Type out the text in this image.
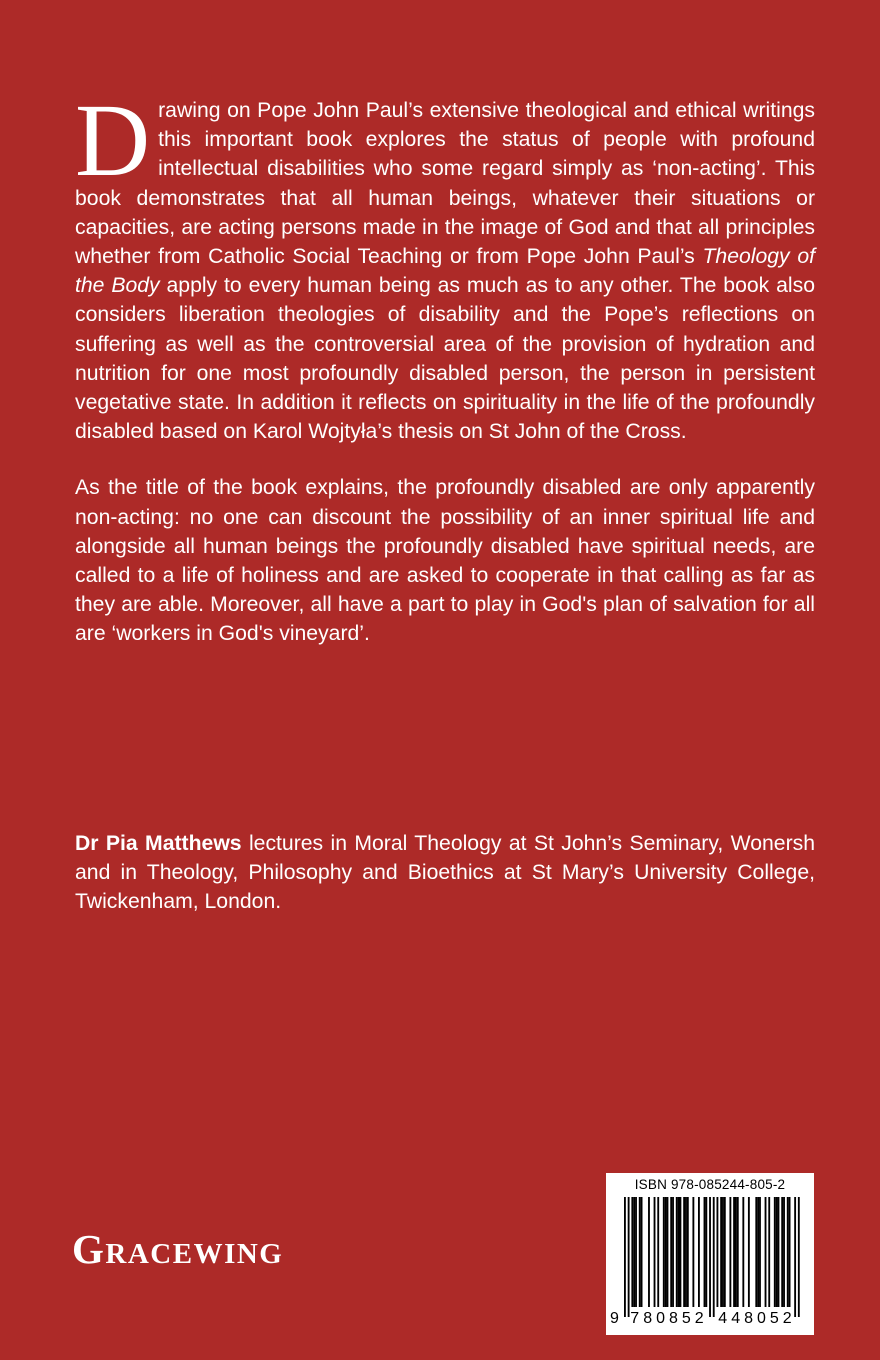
Drawing on Pope John Paul’s extensive theological and ethical writings this important book explores the status of people with profound intellectual disabilities who some regard simply as ‘non-acting’. This book demonstrates that all human beings, whatever their situations or capacities, are acting persons made in the image of God and that all principles whether from Catholic Social Teaching or from Pope John Paul’s Theology of the Body apply to every human being as much as to any other. The book also considers liberation theologies of disability and the Pope’s reflections on suffering as well as the controversial area of the provision of hydration and nutrition for one most profoundly disabled person, the person in persistent vegetative state. In addition it reflects on spirituality in the life of the profoundly disabled based on Karol Wojtyła’s thesis on St John of the Cross.

As the title of the book explains, the profoundly disabled are only apparently non-acting: no one can discount the possibility of an inner spiritual life and alongside all human beings the profoundly disabled have spiritual needs, are called to a life of holiness and are asked to cooperate in that calling as far as they are able. Moreover, all have a part to play in God's plan of salvation for all are ‘workers in God's vineyard’.

Dr Pia Matthews lectures in Moral Theology at St John’s Seminary, Wonersh and in Theology, Philosophy and Bioethics at St Mary’s University College, Twickenham, London.

Gracewing
ISBN 978-085244-805-2
9 780852 448052
